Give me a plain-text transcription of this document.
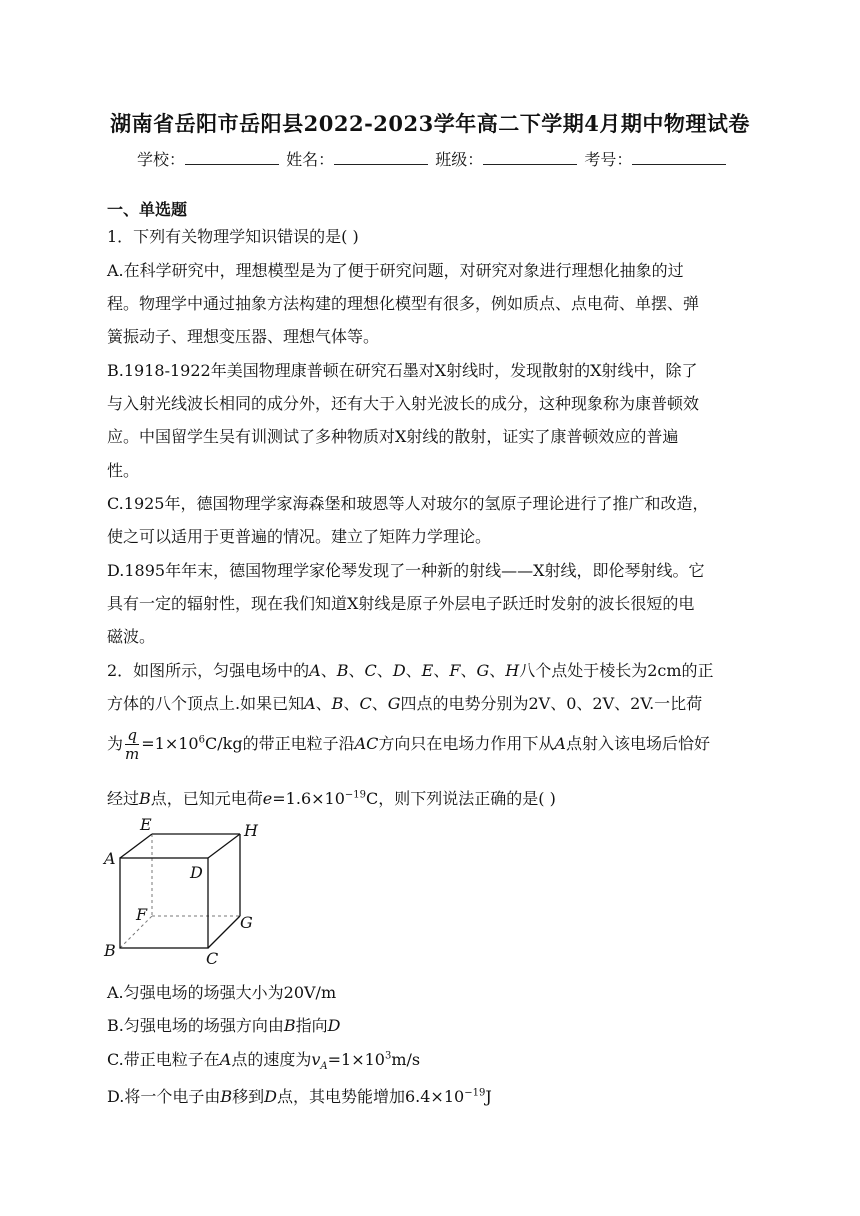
湖南省岳阳市岳阳县2022-2023学年高二下学期4月期中物理试卷
学校：	姓名：	班级：	考号：
一、单选题
1．下列有关物理学知识错误的是( )
A.在科学研究中，理想模型是为了便于研究问题，对研究对象进行理想化抽象的过
程。物理学中通过抽象方法构建的理想化模型有很多，例如质点、点电荷、单摆、弹
簧振动子、理想变压器、理想气体等。
B.1918-1922年美国物理康普顿在研究石墨对X射线时，发现散射的X射线中，除了
与入射光线波长相同的成分外，还有大于入射光波长的成分，这种现象称为康普顿效
应。中国留学生吴有训测试了多种物质对X射线的散射，证实了康普顿效应的普遍
性。
C.1925年，德国物理学家海森堡和玻恩等人对玻尔的氢原子理论进行了推广和改造，
使之可以适用于更普遍的情况。建立了矩阵力学理论。
D.1895年年末，德国物理学家伦琴发现了一种新的射线——X射线，即伦琴射线。它
具有一定的辐射性，现在我们知道X射线是原子外层电子跃迁时发射的波长很短的电
磁波。
2．如图所示，匀强电场中的A、B、C、D、E、F、G、H八个点处于棱长为2cm的正
方体的八个顶点上.如果已知A、B、C、G四点的电势分别为2V、0、2V、2V.一比荷
为 $\frac{q}{m} =1\times 10^6C/kg$的带正电粒子沿AC方向只在电场力作用下从A点射入该电场后恰好
经过B点，已知元电荷$e=1.6\times 10^{-19}C$，则下列说法正确的是( )
E	H
A
D
F	G
B	C
A.匀强电场的场强大小为20V/m
B.匀强电场的场强方向由B指向D
C.带正电粒子在A点的速度为$v_A=1\times 10^3m/s$
D.将一个电子由B移到D点，其电势能增加$6.4\times 10^{-19}J$
